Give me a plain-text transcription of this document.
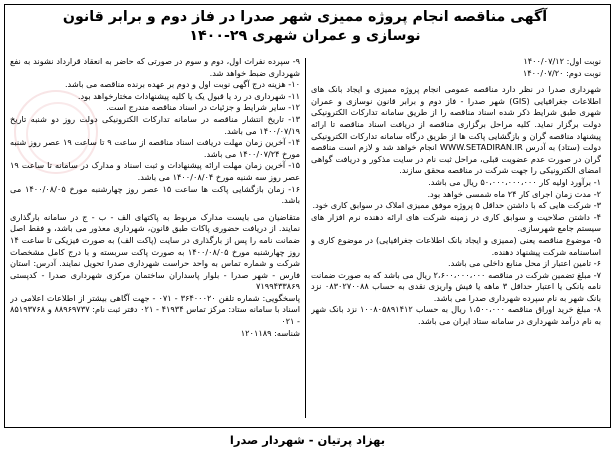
آگهی مناقصه انجام پروژه ممیزی شهر صدرا در فاز دوم و برابر قانون
نوسازی و عمران شهری ۲۹-۱۴۰۰

نوبت اول: ۱۴۰۰/۰۷/۱۲

نوبت دوم: ۱۴۰۰/۰۷/۲۰

شهرداری صدرا در نظر دارد مناقصه عمومی انجام پروژه ممیزی و ایجاد بانک های اطلاعات جغرافیایی (GIS) شهر صدرا - فاز دوم و برابر قانون نوسازی و عمران شهری طبق شرایط ذکر شده اسناد مناقصه را از طریق سامانه تدارکات الکترونیکی دولت برگزار نماید. کلیه مراحل برگزاری مناقصه از دریافت اسناد مناقصه تا ارائه پیشنهاد مناقصه گران و بازگشایی پاکت ها از طریق درگاه سامانه تدارکات الکترونیکی دولت (ستاد) به آدرس WWW.SETADIRAN.IR انجام خواهد شد و لازم است مناقصه گران در صورت عدم عضویت قبلی، مراحل ثبت نام در سایت مذکور و دریافت گواهی امضای الکترونیکی را جهت شرکت در مناقصه محقق سازند.

۱- برآورد اولیه کار ۵۰،۰۰۰،۰۰۰،۰۰۰ ریال می باشد.

۲- مدت زمان اجرای کار ۲۴ ماه شمسی خواهد بود.

۳- شرکت هایی که با داشتن حداقل ۵ پروژه موفق ممیزی املاک در سوابق کاری خود.

۴- داشتن صلاحیت و سوابق کاری در زمینه شرکت های ارائه دهنده نرم افزار های سیستم جامع شهرسازی.

۵- موضوع مناقصه یعنی (ممیزی و ایجاد بانک اطلاعات جغرافیایی) در موضوع کاری و اساسنامه شرکت پیشنهاد دهنده.

۶- تامین اعتبار از محل منابع داخلی می باشد.

۷- مبلغ تضمین شرکت در مناقصه ۲،۶۰۰،۰۰۰،۰۰۰ ریال می باشد که به صورت ضمانت نامه بانکی یا اعتبار حداقل ۳ ماهه یا فیش واریزی نقدی به حساب ۰۸۳۰۲۷۰۰۸۸ نزد بانک شهر به نام سپرده شهرداری صدرا می باشد.

۸- مبلغ خرید اوراق مناقصه ۱،۵۰۰،۰۰۰ ریال به حساب ۱۰۰۸۰۵۸۹۱۴۱۲ نزد بانک شهر به نام درآمد شهرداری در سامانه ستاد ایران می باشد.

۹- سپرده نفرات اول، دوم و سوم در صورتی که حاضر به انعقاد قرارداد نشوند به نفع شهرداری ضبط خواهد شد.

۱۰- هزینه درج آگهی نوبت اول و دوم بر عهده برنده مناقصه می باشد.

۱۱- شهرداری در رد یا قبول یک یا کلیه پیشنهادات مختارخواهد بود.

۱۲- سایر شرایط و جزئیات در اسناد مناقصه مندرج است.

۱۳- تاریخ انتشار مناقصه در سامانه تدارکات الکترونیکی دولت روز دو شنبه تاریخ ۱۴۰۰/۰۷/۱۹ می باشد.

۱۴- آخرین زمان مهلت دریافت اسناد مناقصه از ساعت ۹ تا ساعت ۱۹ عصر روز شنبه مورخ ۱۴۰۰/۰۷/۲۴ می باشد.

۱۵- آخرین زمان مهلت ارائه پیشنهادات و ثبت اسناد و مدارک در سامانه تا ساعت ۱۹ عصر روز سه شنبه مورخ ۱۴۰۰/۰۸/۰۴ می باشد.

۱۶- زمان بازگشایی پاکت ها ساعت ۱۵ عصر روز چهارشنبه مورخ ۱۴۰۰/۰۸/۰۵ می باشد.

متقاضیان می بایست مدارک مربوط به پاکتهای الف - ب - ج در سامانه بارگذاری نمایند. از دریافت حضوری پاکات طبق قانون، شهرداری معذور می باشد، و فقط اصل ضمانت نامه را پس از بارگذاری در سایت (پاکت الف) به صورت فیزیکی تا ساعت ۱۴ روز چهارشنبه مورخ ۱۴۰۰/۰۸/۰۵ به صورت پاکت سربسته و با درج کامل مشخصات شرکت و شماره تماس به واحد حراست شهرداری صدرا تحویل نمایند. آدرس: استان فارس - شهر صدرا - بلوار پاسداران ساختمان مرکزی شهرداری صدرا - کدپستی ۷۱۹۹۴۳۳۸۶۹

پاسخگویی: شماره تلفن ۳۶۴۰۰۰۲۰ - ۰۷۱ - جهت آگاهی بیشتر از اطلاعات اعلامی در اسناد با سامانه ستاد: مرکز تماس ۴۱۹۳۴ - ۰۲۱ دفتر ثبت نام: ۸۸۹۶۹۷۳۷ و ۸۵۱۹۳۷۶۸ - ۰۲۱

شناسه: ۱۲۰۱۱۸۹

بهزاد پرتیان - شهردار صدرا
